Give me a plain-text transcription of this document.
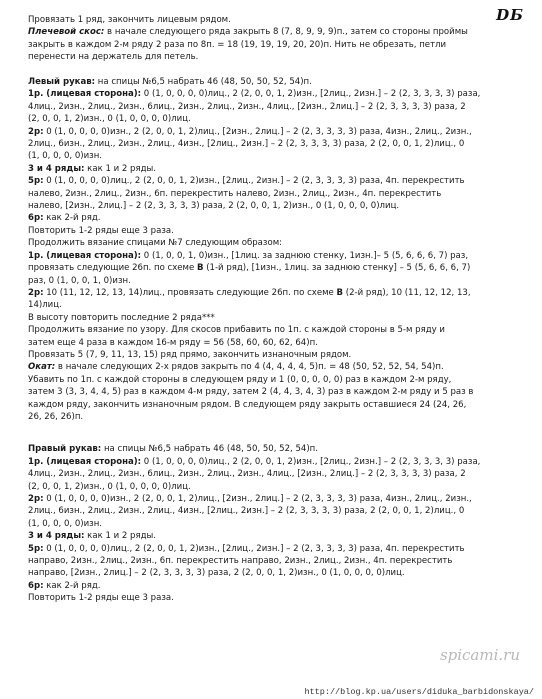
Провязать 1 ряд, закончить лицевым рядом.

Плечевой скос: в начале следующего ряда закрыть 8 (7, 8, 9, 9, 9)п., затем со стороны проймы

закрыть в каждом 2-м ряду 2 раза по 8п. = 18 (19, 19, 19, 20, 20)п. Нить не обрезать, петли

перенести на держатель для петель.

Левый рукав: на спицы №6,5 набрать 46 (48, 50, 50, 52, 54)п.

1р. (лицевая сторона): 0 (1, 0, 0, 0, 0)лиц., 2 (2, 0, 0, 1, 2)изн., [2лиц., 2изн.] – 2 (2, 3, 3, 3, 3) раза,

4лиц., 2изн., 2лиц., 2изн., 6лиц., 2изн., 2лиц., 2изн., 4лиц., [2изн., 2лиц.] – 2 (2, 3, 3, 3, 3) раза, 2

(2, 0, 0, 1, 2)изн., 0 (1, 0, 0, 0, 0)лиц.

2р: 0 (1, 0, 0, 0, 0)изн., 2 (2, 0, 0, 1, 2)лиц., [2изн., 2лиц.] – 2 (2, 3, 3, 3, 3) раза, 4изн., 2лиц., 2изн.,

2лиц., 6изн., 2лиц., 2изн., 2лиц., 4изн., [2лиц., 2изн.] – 2 (2, 3, 3, 3, 3) раза, 2 (2, 0, 0, 1, 2)лиц., 0

(1, 0, 0, 0, 0)изн.

3 и 4 ряды: как 1 и 2 ряды.

5р: 0 (1, 0, 0, 0, 0)лиц., 2 (2, 0, 0, 1, 2)изн., [2лиц., 2изн.] – 2 (2, 3, 3, 3, 3) раза, 4п. перекрестить

налево, 2изн., 2лиц., 2изн., 6п. перекрестить налево, 2изн., 2лиц., 2изн., 4п. перекрестить

налево, [2изн., 2лиц.] – 2 (2, 3, 3, 3, 3) раза, 2 (2, 0, 0, 1, 2)изн., 0 (1, 0, 0, 0, 0)лиц.

6р: как 2-й ряд.

Повторить 1-2 ряды еще 3 раза.

Продолжить вязание спицами №7 следующим образом:

1р. (лицевая сторона): 0 (1, 0, 0, 1, 0)изн., [1лиц. за заднюю стенку, 1изн.]– 5 (5, 6, 6, 6, 7) раз,

провязать следующие 26п. по схеме В (1-й ряд), [1изн., 1лиц. за заднюю стенку] – 5 (5, 6, 6, 6, 7)

раз, 0 (1, 0, 0, 1, 0)изн.

2р: 10 (11, 12, 12, 13, 14)лиц., провязать следующие 26п. по схеме В (2-й ряд), 10 (11, 12, 12, 13,

14)лиц.

В высоту повторить последние 2 ряда***

Продолжить вязание по узору. Для скосов прибавить по 1п. с каждой стороны в 5-м ряду и

затем еще 4 раза в каждом 16-м ряду = 56 (58, 60, 60, 62, 64)п.

Провязать 5 (7, 9, 11, 13, 15) ряд прямо, закончить изнаночным рядом.

Окат: в начале следующих 2-х рядов закрыть по 4 (4, 4, 4, 4, 5)п. = 48 (50, 52, 52, 54, 54)п.

Убавить по 1п. с каждой стороны в следующем ряду и 1 (0, 0, 0, 0, 0) раз в каждом 2-м ряду,

затем 3 (3, 3, 4, 4, 5) раз в каждом 4-м ряду, затем 2 (4, 4, 3, 4, 3) раз в каждом 2-м ряду и 5 раз в

каждом ряду, закончить изнаночным рядом. В следующем ряду закрыть оставшиеся 24 (24, 26,

26, 26, 26)п.

Правый рукав: на спицы №6,5 набрать 46 (48, 50, 50, 52, 54)п.

1р. (лицевая сторона): 0 (1, 0, 0, 0, 0)лиц., 2 (2, 0, 0, 1, 2)изн., [2лиц., 2изн.] – 2 (2, 3, 3, 3, 3) раза,

4лиц., 2изн., 2лиц., 2изн., 6лиц., 2изн., 2лиц., 2изн., 4лиц., [2изн., 2лиц.] – 2 (2, 3, 3, 3, 3) раза, 2

(2, 0, 0, 1, 2)изн., 0 (1, 0, 0, 0, 0)лиц.

2р: 0 (1, 0, 0, 0, 0)изн., 2 (2, 0, 0, 1, 2)лиц., [2изн., 2лиц.] – 2 (2, 3, 3, 3, 3) раза, 4изн., 2лиц., 2изн.,

2лиц., 6изн., 2лиц., 2изн., 2лиц., 4изн., [2лиц., 2изн.] – 2 (2, 3, 3, 3, 3) раза, 2 (2, 0, 0, 1, 2)лиц., 0

(1, 0, 0, 0, 0)изн.

3 и 4 ряды: как 1 и 2 ряды.

5р: 0 (1, 0, 0, 0, 0)лиц., 2 (2, 0, 0, 1, 2)изн., [2лиц., 2изн.] – 2 (2, 3, 3, 3, 3) раза, 4п. перекрестить

направо, 2изн., 2лиц., 2изн., 6п. перекрестить направо, 2изн., 2лиц., 2изн., 4п. перекрестить

направо, [2изн., 2лиц.] – 2 (2, 3, 3, 3, 3) раза, 2 (2, 0, 0, 1, 2)изн., 0 (1, 0, 0, 0, 0)лиц.

6р: как 2-й ряд.

Повторить 1-2 ряды еще 3 раза.

DБ
spicami.ru
http://blog.kp.ua/users/diduka_barbidonskaya/
